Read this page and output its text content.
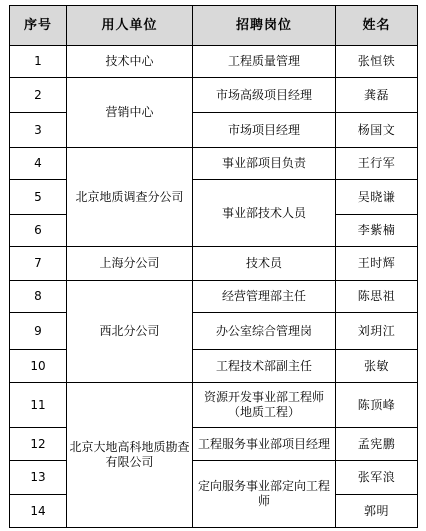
序号	用人单位	招聘岗位	姓名
1	技术中心	工程质量管理	张恒铁
2	营销中心	市场高级项目经理	龚磊
3		市场项目经理	杨国文
4	北京地质调查分公司	事业部项目负责	王行军
5		事业部技术人员	吴晓谦
6			李紫楠
7	上海分公司	技术员	王时辉
8	西北分公司	经营管理部主任	陈思祖
9		办公室综合管理岗	刘玥江
10		工程技术部副主任	张敏
11	北京大地高科地质勘查有限公司	资源开发事业部工程师（地质工程）	陈顶峰
12		工程服务事业部项目经理	孟宪鹏
13		定向服务事业部定向工程师	张军浪
14			郭明
